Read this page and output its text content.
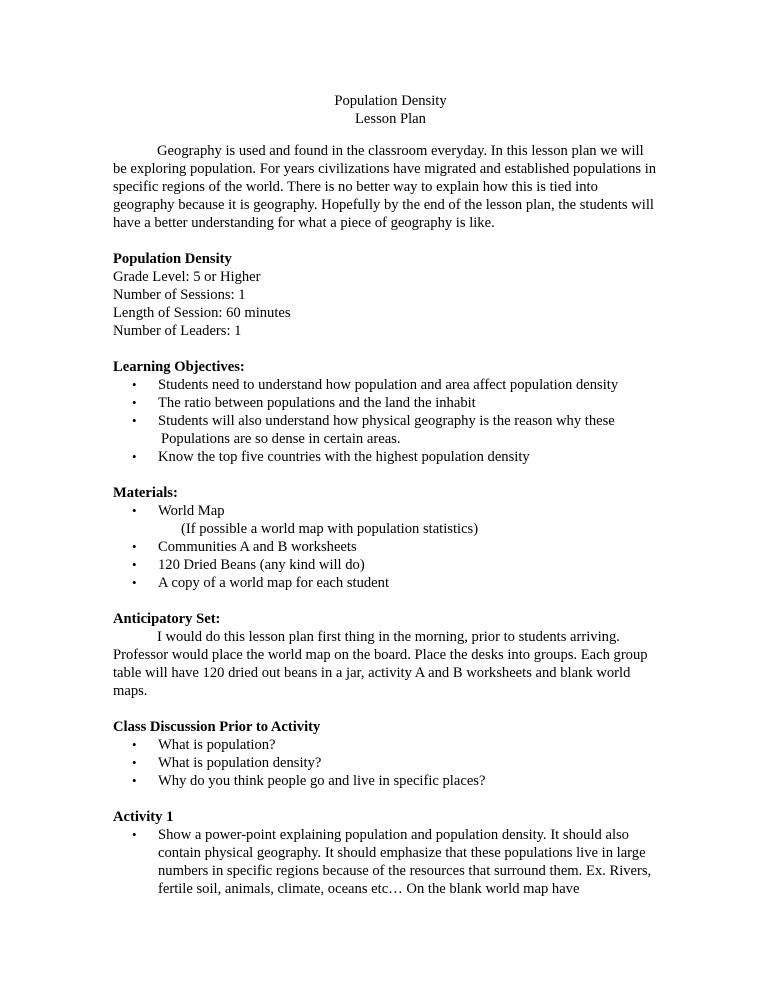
Population Density

Lesson Plan

Geography is used and found in the classroom everyday. In this lesson plan we will be exploring population. For years civilizations have migrated and established populations in specific regions of the world. There is no better way to explain how this is tied into geography because it is geography. Hopefully by the end of the lesson plan, the students will have a better understanding for what a piece of geography is like.

Population Density

Grade Level: 5 or Higher

Number of Sessions: 1

Length of Session: 60 minutes

Number of Leaders: 1

Learning Objectives:

• Students need to understand how population and area affect population density
• The ratio between populations and the land the inhabit
• Students will also understand how physical geography is the reason why these

Populations are so dense in certain areas.

• Know the top five countries with the highest population density

Materials:

• World Map

(If possible a world map with population statistics)

• Communities A and B worksheets
• 120 Dried Beans (any kind will do)
• A copy of a world map for each student

Anticipatory Set:

I would do this lesson plan first thing in the morning, prior to students arriving. Professor would place the world map on the board. Place the desks into groups. Each group table will have 120 dried out beans in a jar, activity A and B worksheets and blank world maps.

Class Discussion Prior to Activity

• What is population?
• What is population density?
• Why do you think people go and live in specific places?

Activity 1

• Show a power-point explaining population and population density. It should also contain physical geography. It should emphasize that these populations live in large numbers in specific regions because of the resources that surround them. Ex. Rivers, fertile soil, animals, climate, oceans etc… On the blank world map have
